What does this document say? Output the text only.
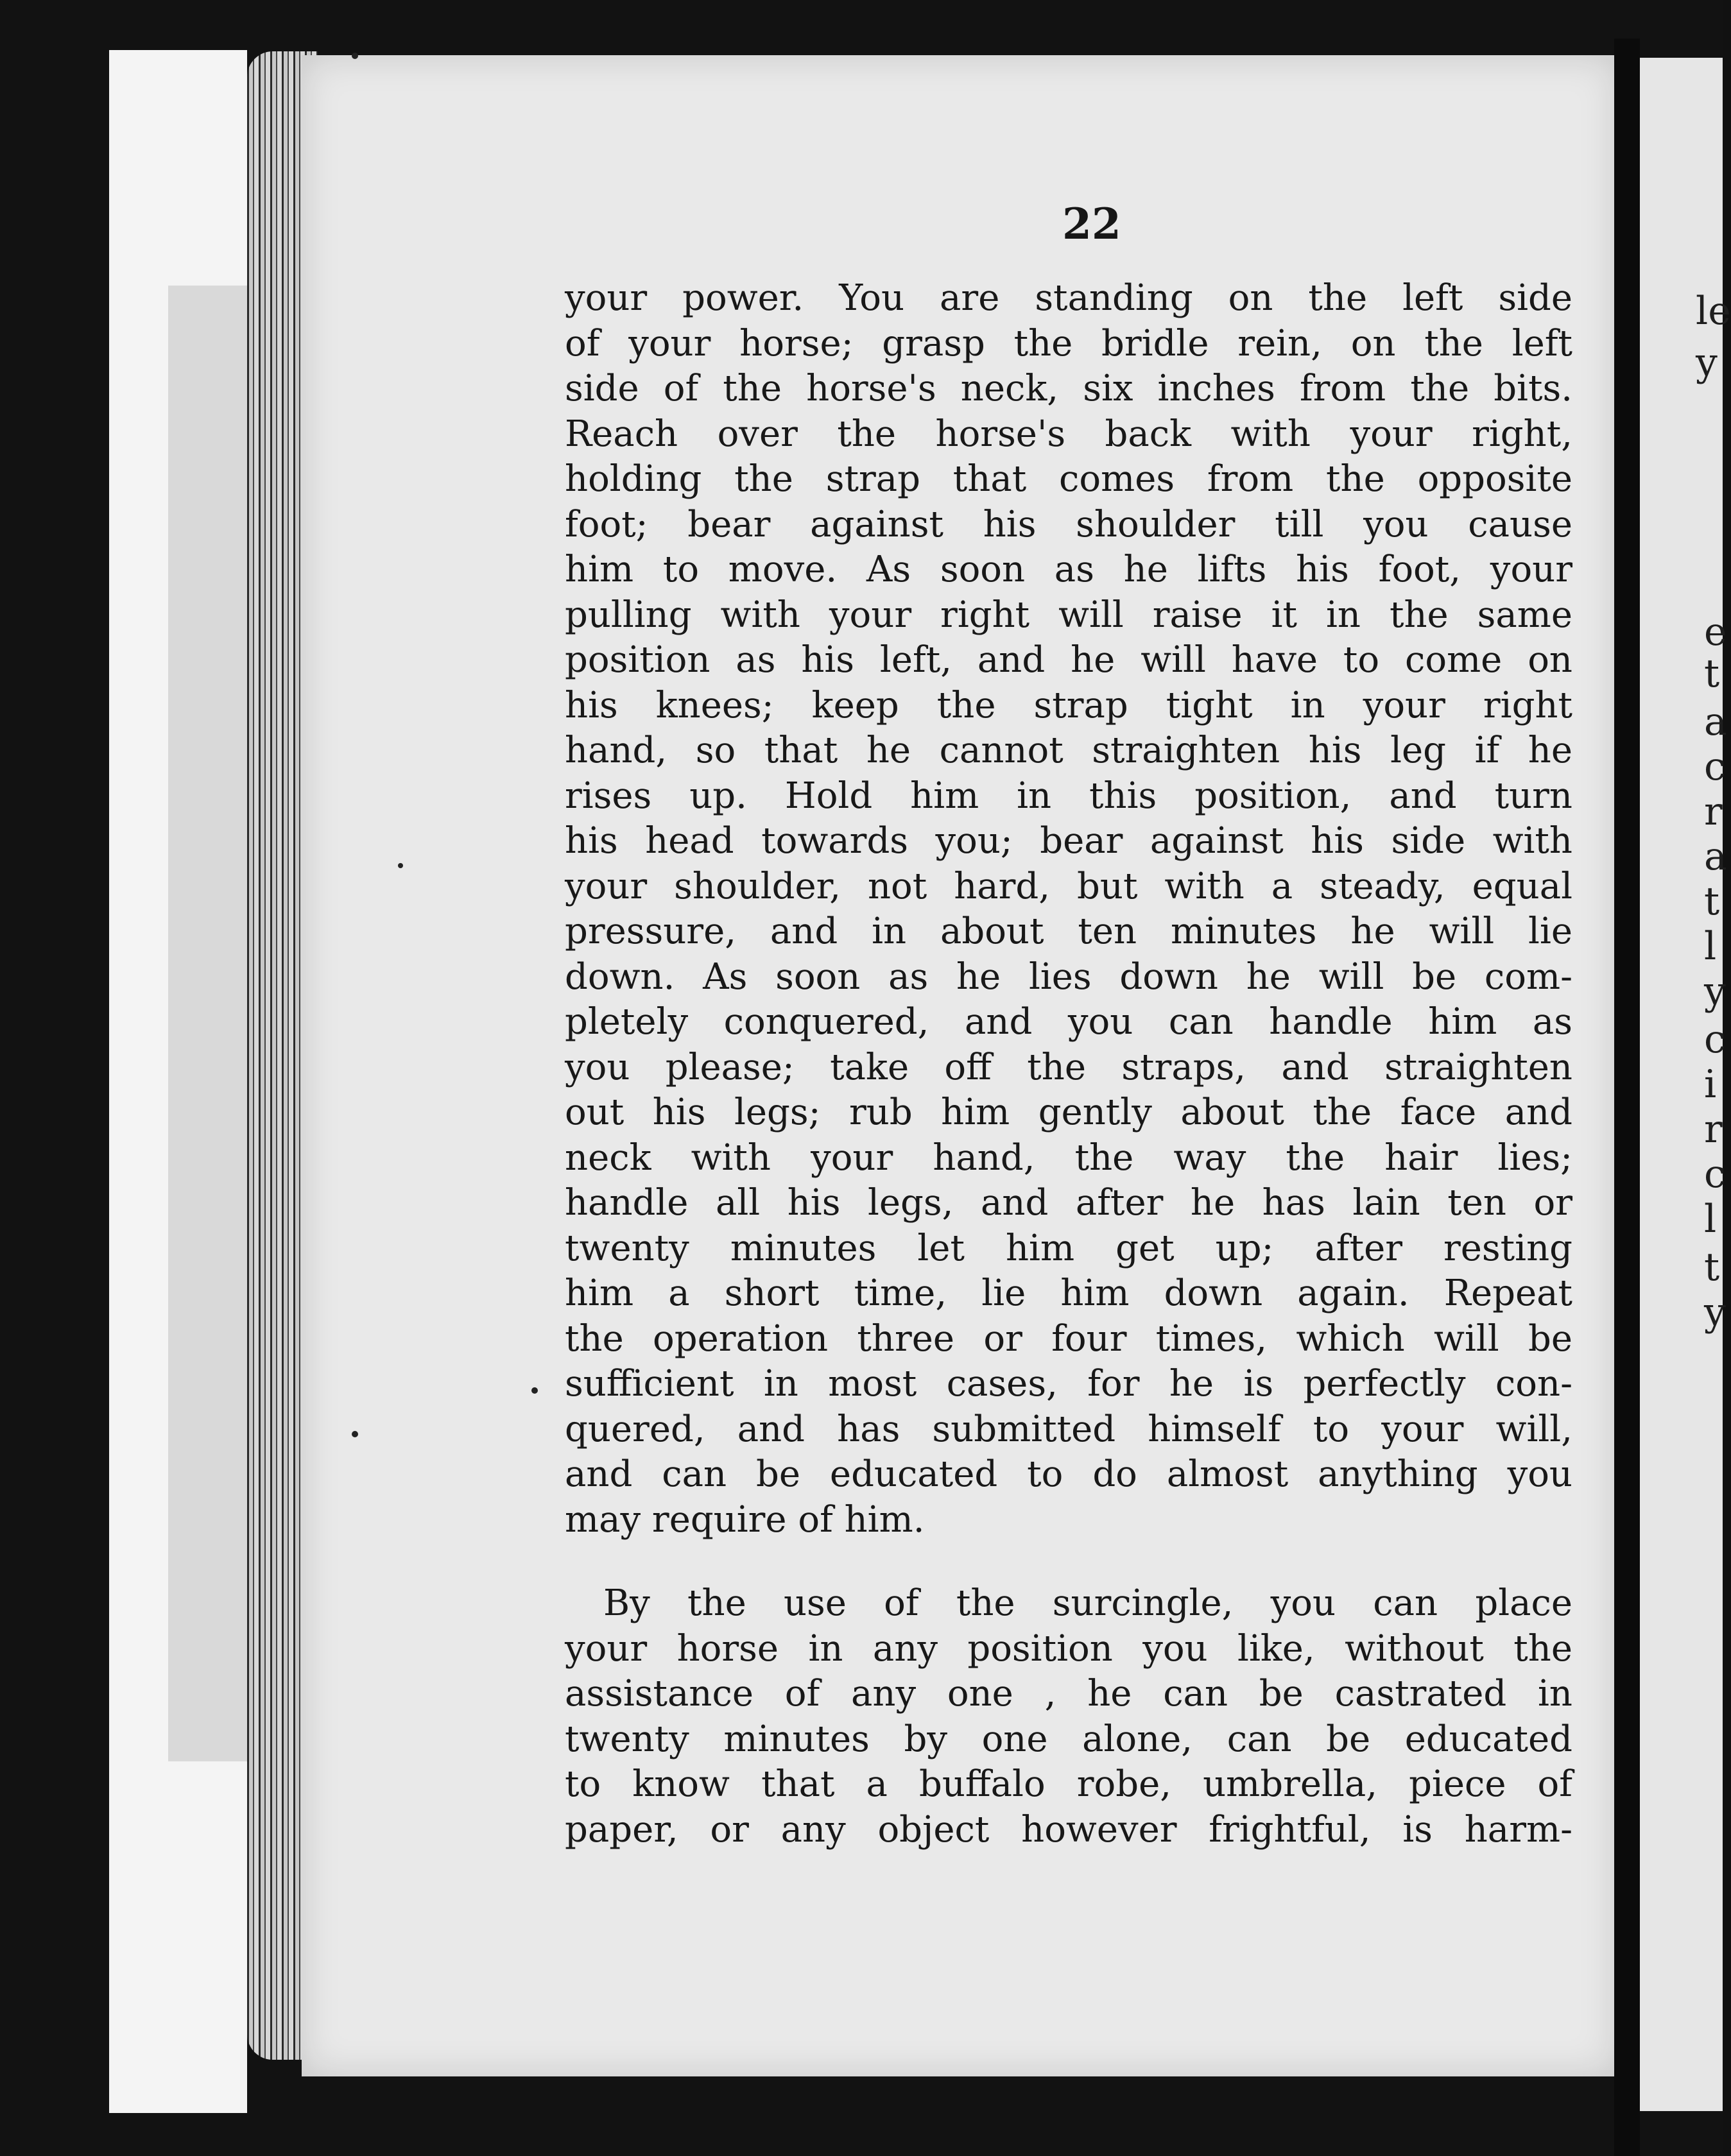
22
your power. You are standing on the left side
of your horse; grasp the bridle rein, on the left
side of the horse's neck, six inches from the bits.
Reach over the horse's back with your right,
holding the strap that comes from the opposite
foot; bear against his shoulder till you cause
him to move. As soon as he lifts his foot, your
pulling with your right will raise it in the same
position as his left, and he will have to come on
his knees; keep the strap tight in your right
hand, so that he cannot straighten his leg if he
rises up. Hold him in this position, and turn
his head towards you; bear against his side with
your shoulder, not hard, but with a steady, equal
pressure, and in about ten minutes he will lie
down. As soon as he lies down he will be com-
pletely conquered, and you can handle him as
you please; take off the straps, and straighten
out his legs; rub him gently about the face and
neck with your hand, the way the hair lies;
handle all his legs, and after he has lain ten or
twenty minutes let him get up; after resting
him a short time, lie him down again. Repeat
the operation three or four times, which will be
sufficient in most cases, for he is perfectly con-
quered, and has submitted himself to your will,
and can be educated to do almost anything you
may require of him.
By the use of the surcingle, you can place
your horse in any position you like, without the
assistance of any one , he can be castrated in
twenty minutes by one alone, can be educated
to know that a buffalo robe, umbrella, piece of
paper, or any object however frightful, is harm-
le
y
e
t
a
c
r
a
t
l
y
c
i
r
c
l
t
y
